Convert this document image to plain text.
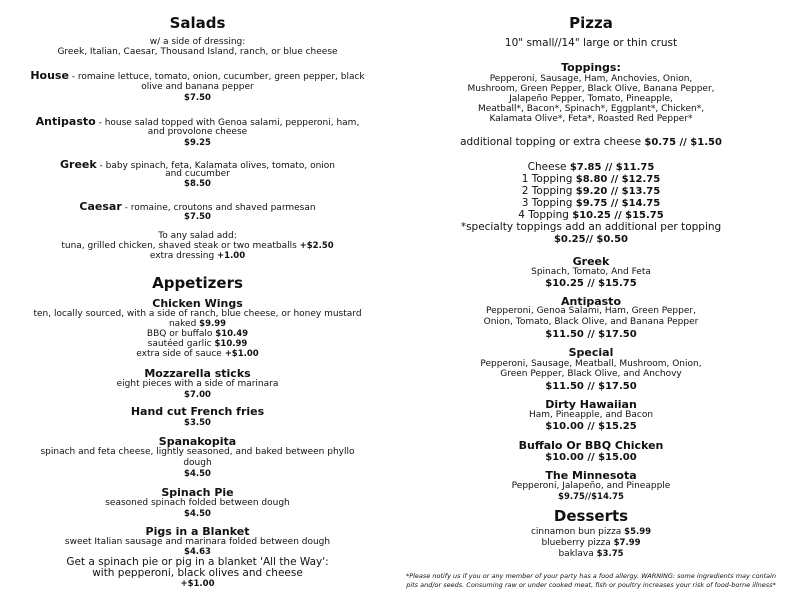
Salads
w/ a side of dressing:
Greek, Italian, Caesar, Thousand Island, ranch, or blue cheese
House - romaine lettuce, tomato, onion, cucumber, green pepper, black
olive and banana pepper
$7.50
Antipasto - house salad topped with Genoa salami, pepperoni, ham,
and provolone cheese
$9.25
Greek - baby spinach, feta, Kalamata olives, tomato, onion
and cucumber
$8.50
Caesar - romaine, croutons and shaved parmesan
$7.50
To any salad add:
tuna, grilled chicken, shaved steak or two meatballs +$2.50
extra dressing +1.00
Appetizers
Chicken Wings
ten, locally sourced, with a side of ranch, blue cheese, or honey mustard
naked $9.99
BBQ or buffalo $10.49
sautéed garlic $10.99
extra side of sauce +$1.00
Mozzarella sticks
eight pieces with a side of marinara
$7.00
Hand cut French fries
$3.50
Spanakopita
spinach and feta cheese, lightly seasoned, and baked between phyllo
dough
$4.50
Spinach Pie
seasoned spinach folded between dough
$4.50
Pigs in a Blanket
sweet Italian sausage and marinara folded between dough
$4.63
Get a spinach pie or pig in a blanket 'All the Way':
with pepperoni, black olives and cheese
+$1.00
Pizza
10" small//14" large or thin crust
Toppings:
Pepperoni, Sausage, Ham, Anchovies, Onion,
Mushroom, Green Pepper, Black Olive, Banana Pepper,
Jalapeño Pepper, Tomato, Pineapple,
Meatball*, Bacon*, Spinach*, Eggplant*, Chicken*,
Kalamata Olive*, Feta*, Roasted Red Pepper*
additional topping or extra cheese $0.75 // $1.50
Cheese $7.85 // $11.75
1 Topping $8.80 // $12.75
2 Topping $9.20 // $13.75
3 Topping $9.75 // $14.75
4 Topping $10.25 // $15.75
*specialty toppings add an additional per topping
$0.25// $0.50
Greek
Spinach, Tomato, And Feta
$10.25 // $15.75
Antipasto
Pepperoni, Genoa Salami, Ham, Green Pepper,
Onion, Tomato, Black Olive, and Banana Pepper
$11.50 // $17.50
Special
Pepperoni, Sausage, Meatball, Mushroom, Onion,
Green Pepper, Black Olive, and Anchovy
$11.50 // $17.50
Dirty Hawaiian
Ham, Pineapple, and Bacon
$10.00 // $15.25
Buffalo Or BBQ Chicken
$10.00 // $15.00
The Minnesota
Pepperoni, Jalapeño, and Pineapple
$9.75//$14.75
Desserts
cinnamon bun pizza $5.99
blueberry pizza $7.99
baklava $3.75
*Please notify us if you or any member of your party has a food allergy. WARNING: some ingredients may contain
pits and/or seeds. Consuming raw or under cooked meat, fish or poultry increases your risk of food-borne illness*
